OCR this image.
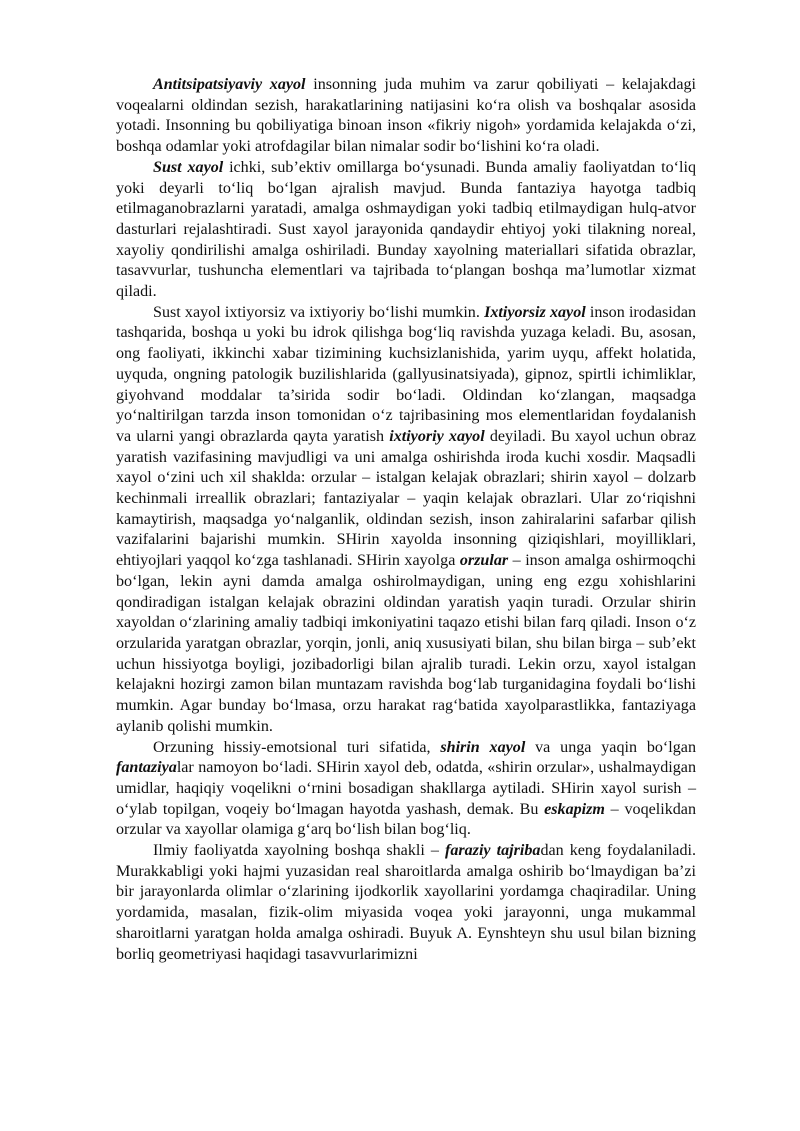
Antitsipatsiyaviy xayol insonning juda muhim va zarur qobiliyati – kelajakdagi voqealarni oldindan sezish, harakatlarining natijasini ko‘ra olish va boshqalar asosida yotadi. Insonning bu qobiliyatiga binoan inson «fikriy nigoh» yordamida kelajakda o‘zi, boshqa odamlar yoki atrofdagilar bilan nimalar sodir bo‘lishini ko‘ra oladi.

Sust xayol ichki, sub’ektiv omillarga bo‘ysunadi. Bunda amaliy faoliyatdan to‘liq yoki deyarli to‘liq bo‘lgan ajralish mavjud. Bunda fantaziya hayotga tadbiq etilmaganobrazlarni yaratadi, amalga oshmaydigan yoki tadbiq etilmaydigan hulq-atvor dasturlari rejalashtiradi. Sust xayol jarayonida qandaydir ehtiyoj yoki tilakning noreal, xayoliy qondirilishi amalga oshiriladi. Bunday xayolning materiallari sifatida obrazlar, tasavvurlar, tushuncha elementlari va tajribada to‘plangan boshqa ma’lumotlar xizmat qiladi.

Sust xayol ixtiyorsiz va ixtiyoriy bo‘lishi mumkin. Ixtiyorsiz xayol inson irodasidan tashqarida, boshqa u yoki bu idrok qilishga bog‘liq ravishda yuzaga keladi. Bu, asosan, ong faoliyati, ikkinchi xabar tizimining kuchsizlanishida, yarim uyqu, affekt holatida, uyquda, ongning patologik buzilishlarida (gallyusinatsiyada), gipnoz, spirtli ichimliklar, giyohvand moddalar ta’sirida sodir bo‘ladi. Oldindan ko‘zlangan, maqsadga yo‘naltirilgan tarzda inson tomonidan o‘z tajribasining mos elementlaridan foydalanish va ularni yangi obrazlarda qayta yaratish ixtiyoriy xayol deyiladi. Bu xayol uchun obraz yaratish vazifasining mavjudligi va uni amalga oshirishda iroda kuchi xosdir. Maqsadli xayol o‘zini uch xil shaklda: orzular – istalgan kelajak obrazlari; shirin xayol – dolzarb kechinmali irreallik obrazlari; fantaziyalar – yaqin kelajak obrazlari. Ular zo‘riqishni kamaytirish, maqsadga yo‘nalganlik, oldindan sezish, inson zahiralarini safarbar qilish vazifalarini bajarishi mumkin. SHirin xayolda insonning qiziqishlari, moyilliklari, ehtiyojlari yaqqol ko‘zga tashlanadi. SHirin xayolga orzular – inson amalga oshirmoqchi bo‘lgan, lekin ayni damda amalga oshirolmaydigan, uning eng ezgu xohishlarini qondiradigan istalgan kelajak obrazini oldindan yaratish yaqin turadi. Orzular shirin xayoldan o‘zlarining amaliy tadbiqi imkoniyatini taqazo etishi bilan farq qiladi. Inson o‘z orzularida yaratgan obrazlar, yorqin, jonli, aniq xususiyati bilan, shu bilan birga – sub’ekt uchun hissiyotga boyligi, jozibadorligi bilan ajralib turadi. Lekin orzu, xayol istalgan kelajakni hozirgi zamon bilan muntazam ravishda bog‘lab turganidagina foydali bo‘lishi mumkin. Agar bunday bo‘lmasa, orzu harakat rag‘batida xayolparastlikka, fantaziyaga aylanib qolishi mumkin.

Orzuning hissiy-emotsional turi sifatida, shirin xayol va unga yaqin bo‘lgan fantaziyalar namoyon bo‘ladi. SHirin xayol deb, odatda, «shirin orzular», ushalmaydigan umidlar, haqiqiy voqelikni o‘rnini bosadigan shakllarga aytiladi. SHirin xayol surish – o‘ylab topilgan, voqeiy bo‘lmagan hayotda yashash, demak. Bu eskapizm – voqelikdan orzular va xayollar olamiga g‘arq bo‘lish bilan bog‘liq.

Ilmiy faoliyatda xayolning boshqa shakli – faraziy tajribadan keng foydalaniladi. Murakkabligi yoki hajmi yuzasidan real sharoitlarda amalga oshirib bo‘lmaydigan ba’zi bir jarayonlarda olimlar o‘zlarining ijodkorlik xayollarini yordamga chaqiradilar. Uning yordamida, masalan, fizik-olim miyasida voqea yoki jarayonni, unga mukammal sharoitlarni yaratgan holda amalga oshiradi. Buyuk A. Eynshteyn shu usul bilan bizning borliq geometriyasi haqidagi tasavvurlarimizni
